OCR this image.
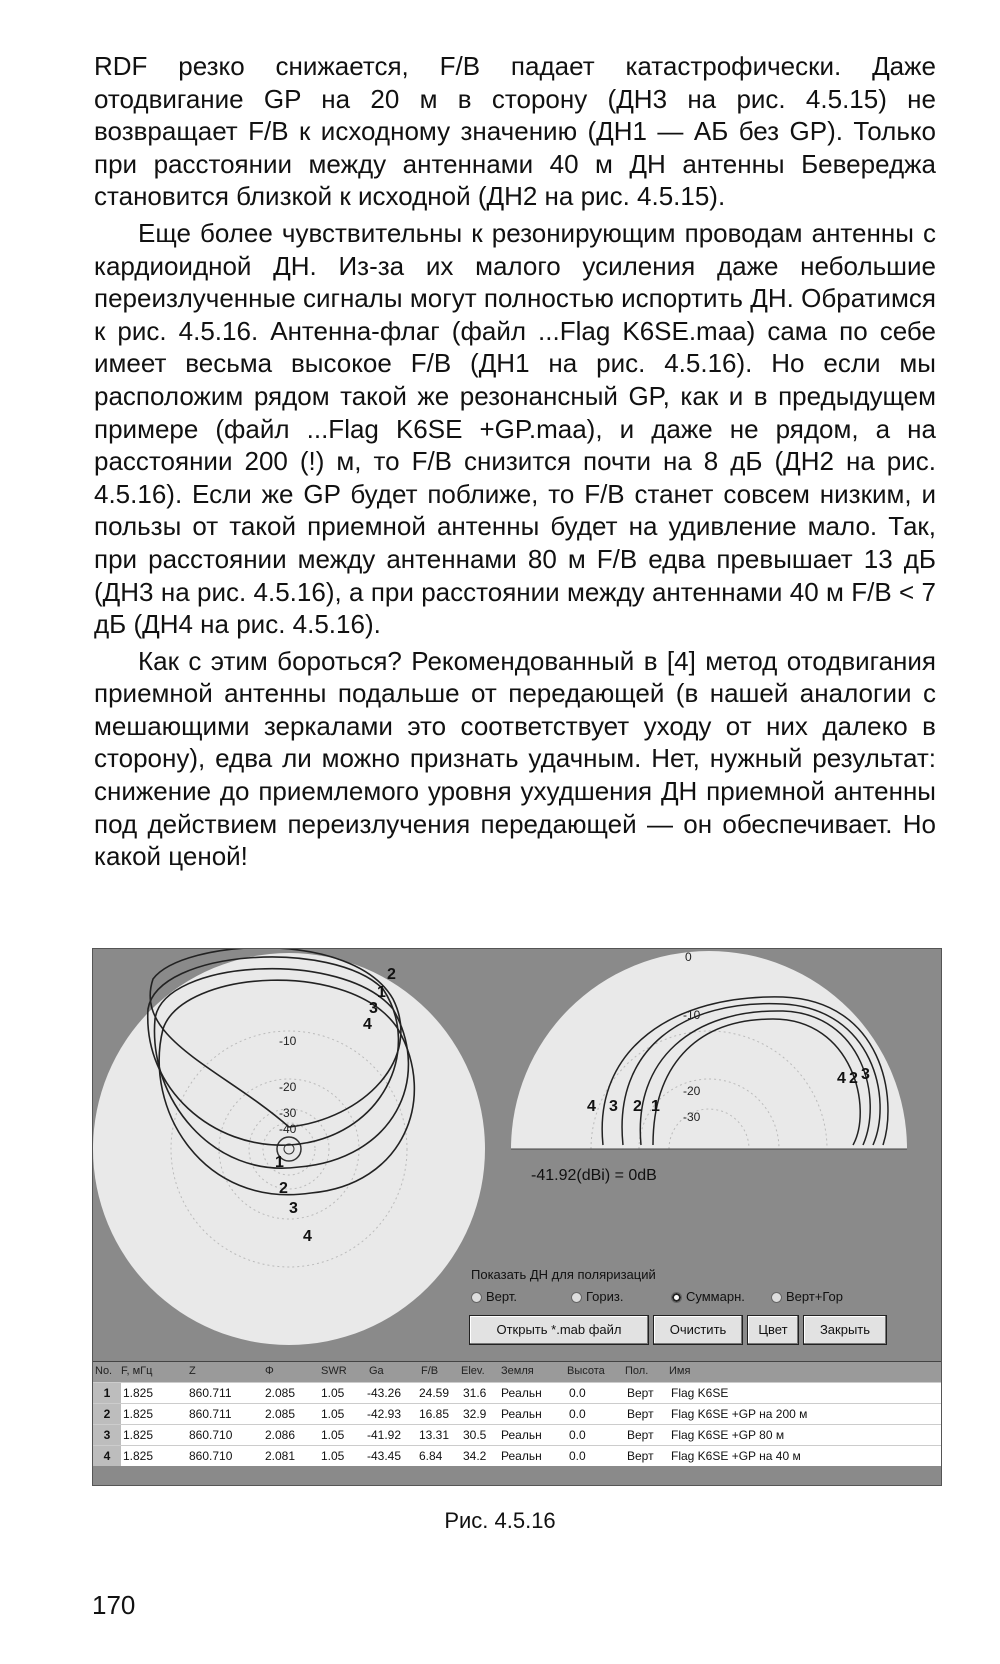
RDF резко снижается, F/B падает катастрофически. Даже отодвигание GP на 20 м в сторону (ДН3 на рис. 4.5.15) не возвращает F/B к исходному значению (ДН1 — АБ без GP). Только при расстоянии между антеннами 40 м ДН антенны Бевереджа становится близкой к исходной (ДН2 на рис. 4.5.15).

Еще более чувствительны к резонирующим проводам антенны с кардиоидной ДН. Из-за их малого усиления даже небольшие переизлученные сигналы могут полностью испортить ДН. Обратимся к рис. 4.5.16. Антенна-флаг (файл ...Flag K6SE.maa) сама по себе имеет весьма высокое F/B (ДН1 на рис. 4.5.16). Но если мы расположим рядом такой же резонансный GP, как и в предыдущем примере (файл ...Flag K6SE +GP.maa), и даже не рядом, а на расстоянии 200 (!) м, то F/B снизится почти на 8 дБ (ДН2 на рис. 4.5.16). Если же GP будет поближе, то F/B станет совсем низким, и пользы от такой приемной антенны будет на удивление мало. Так, при расстоянии между антеннами 80 м F/B едва превышает 13 дБ (ДН3 на рис. 4.5.16), а при расстоянии между антеннами 40 м F/B < 7 дБ (ДН4 на рис. 4.5.16).

Как с этим бороться? Рекомендованный в [4] метод отодвигания приемной антенны подальше от передающей (в нашей аналогии с мешающими зеркалами это соответствует уходу от них далеко в сторону), едва ли можно признать удачным. Нет, нужный результат: снижение до приемлемого уровня ухудшения ДН приемной антенны под действием переизлучения передающей — он обеспечивает. Но какой ценой!

-10
-20
-30
-40
0
-10
-20
-30
1
2
3
4
1
2
3
4
1
2
3
4
4 2 3
-41.92(dBi) = 0dB
Показать ДН для поляризаций
Верт.	Гориз.	Суммарн.	Верт+Гор
Открыть *.mab файл	Очистить	Цвет	Закрыть
No. F, мГц	Z	Φ	SWR Ga	F/B Elev. Земля	Высота Пол. Имя
1	1.825	860.711	2.085 1.05 -43.26 24.59 31.6 Реальн 0.0	Верт Flag K6SE
2	1.825	860.711	2.085 1.05 -42.93 16.85 32.9 Реальн 0.0	Верт Flag K6SE +GP на 200 м
3	1.825	860.710	2.086 1.05 -41.92 13.31 30.5 Реальн 0.0	Верт Flag K6SE +GP 80 м
4	1.825	860.710	2.081 1.05 -43.45 6.84 34.2 Реальн 0.0	Верт Flag K6SE +GP на 40 м
Рис. 4.5.16
170
